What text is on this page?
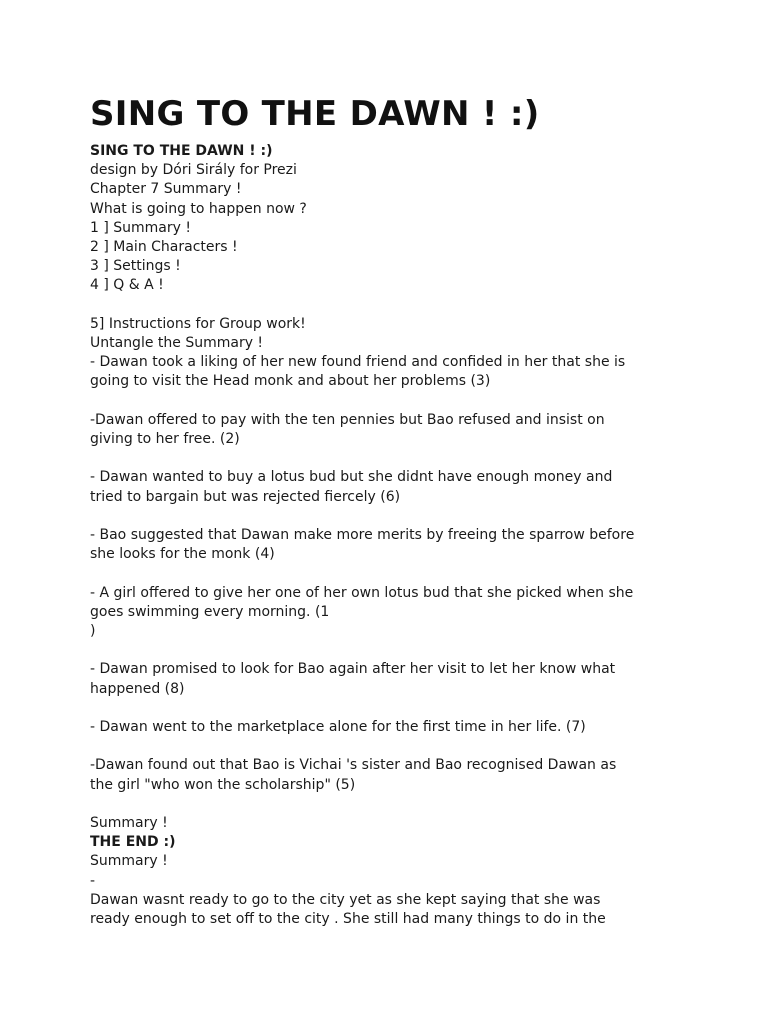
SING TO THE DAWN ! :)

SING TO THE DAWN ! :)

design by Dóri Sirály for Prezi

Chapter 7 Summary !

What is going to happen now ?

1 ] Summary !

2 ] Main Characters !

3 ] Settings !

4 ] Q & A !

5] Instructions for Group work!

Untangle the Summary !

- Dawan took a liking of her new found friend and confided in her that she is

going to visit the Head monk and about her problems (3)

-Dawan offered to pay with the ten pennies but Bao refused and insist on

giving to her free. (2)

- Dawan wanted to buy a lotus bud but she didnt have enough money and

tried to bargain but was rejected fiercely (6)

- Bao suggested that Dawan make more merits by freeing the sparrow before

she looks for the monk (4)

- A girl offered to give her one of her own lotus bud that she picked when she

goes swimming every morning. (1

)

- Dawan promised to look for Bao again after her visit to let her know what

happened (8)

- Dawan went to the marketplace alone for the first time in her life. (7)

-Dawan found out that Bao is Vichai 's sister and Bao recognised Dawan as

the girl "who won the scholarship" (5)

Summary !

THE END :)

Summary !

-

Dawan wasnt ready to go to the city yet as she kept saying that she was

ready enough to set off to the city . She still had many things to do in the
